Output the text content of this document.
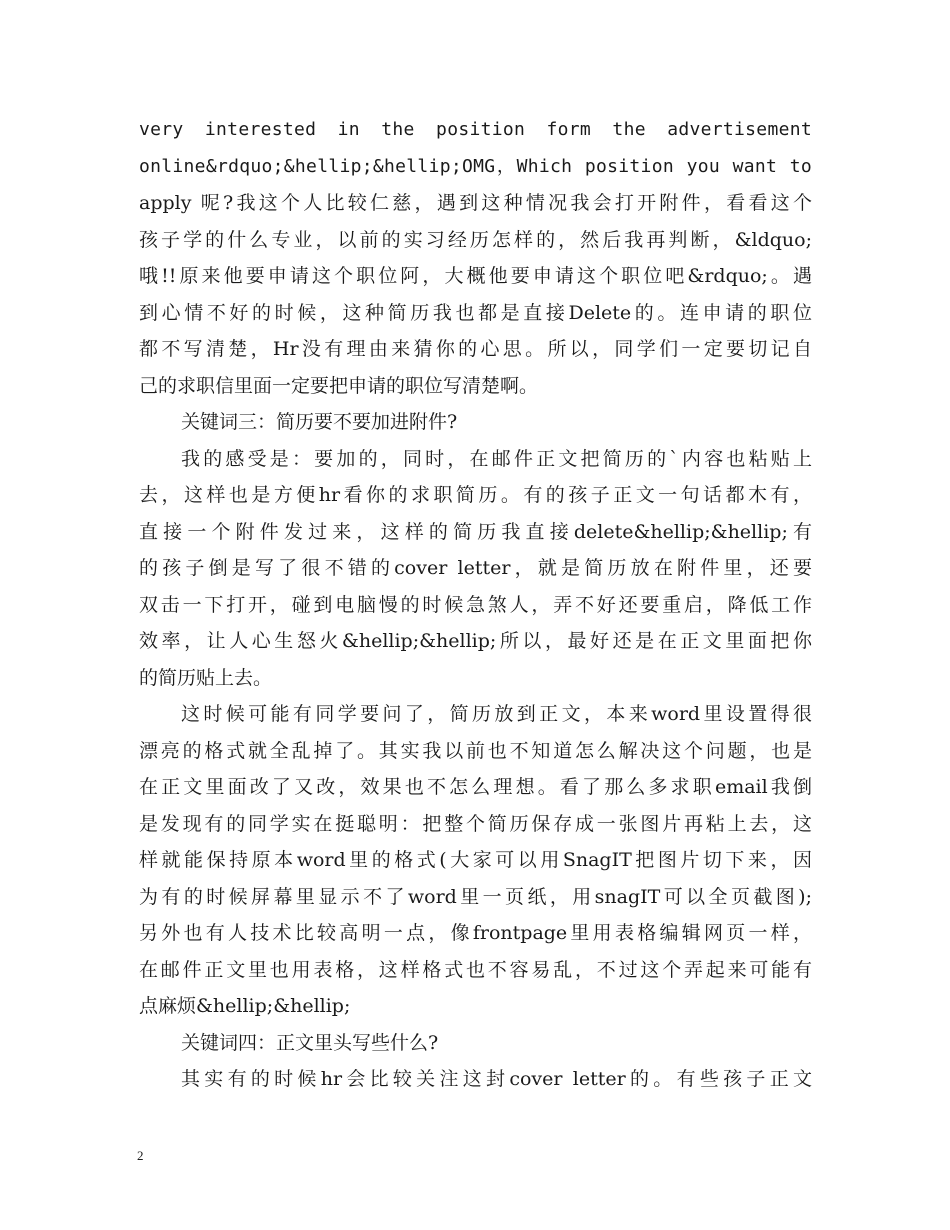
very interested in the position form the advertisement
online&rdquo;&hellip;&hellip;OMG，Which position you want to
apply 呢?我这个人比较仁慈，遇到这种情况我会打开附件，看看这个
孩子学的什么专业，以前的实习经历怎样的，然后我再判断，&ldquo;
哦!!原来他要申请这个职位阿，大概他要申请这个职位吧&rdquo;。遇
到心情不好的时候，这种简历我也都是直接Delete的。连申请的职位
都不写清楚，Hr没有理由来猜你的心思。所以，同学们一定要切记自
己的求职信里面一定要把申请的职位写清楚啊。
关键词三：简历要不要加进附件?
我的感受是：要加的，同时，在邮件正文把简历的`内容也粘贴上
去，这样也是方便hr看你的求职简历。有的孩子正文一句话都木有，
直接一个附件发过来，这样的简历我直接delete&hellip;&hellip;有
的孩子倒是写了很不错的cover letter，就是简历放在附件里，还要
双击一下打开，碰到电脑慢的时候急煞人，弄不好还要重启，降低工作
效率，让人心生怒火&hellip;&hellip;所以，最好还是在正文里面把你
的简历贴上去。
这时候可能有同学要问了，简历放到正文，本来word里设置得很
漂亮的格式就全乱掉了。其实我以前也不知道怎么解决这个问题，也是
在正文里面改了又改，效果也不怎么理想。看了那么多求职email我倒
是发现有的同学实在挺聪明：把整个简历保存成一张图片再粘上去，这
样就能保持原本word里的格式(大家可以用SnagIT把图片切下来，因
为有的时候屏幕里显示不了word里一页纸，用snagIT可以全页截图);
另外也有人技术比较高明一点，像frontpage里用表格编辑网页一样，
在邮件正文里也用表格，这样格式也不容易乱，不过这个弄起来可能有
点麻烦&hellip;&hellip;
关键词四：正文里头写些什么?
其实有的时候hr会比较关注这封cover letter的。有些孩子正文
2
